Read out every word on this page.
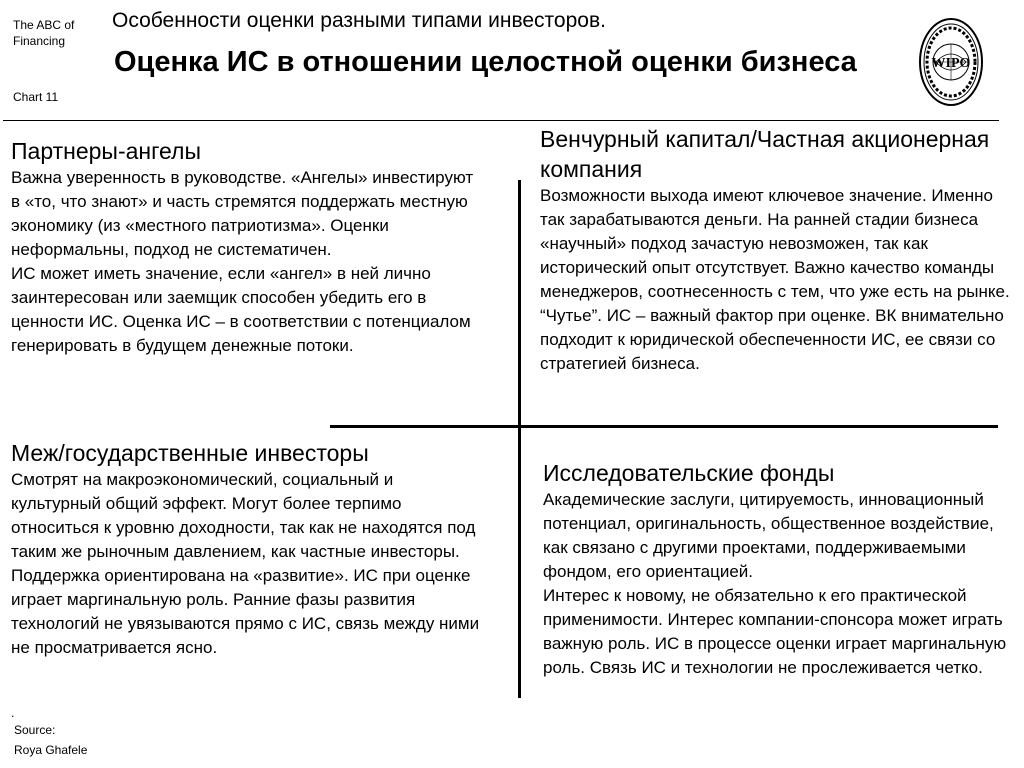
The ABC of Financing
Chart 11
Особенности оценки разными типами инвесторов.
Оценка ИС в отношении целостной оценки бизнеса	WIPO
Партнеры-ангелы

Важна уверенность в руководстве. «Ангелы» инвестируют в «то, что знают» и часть стремятся поддержать местную экономику (из «местного патриотизма». Оценки неформальны, подход не систематичен.
ИС может иметь значение, если «ангел» в ней лично заинтересован или заемщик способен убедить его в ценности ИС. Оценка ИС – в соответствии с потенциалом генерировать в будущем денежные потоки.

Венчурный капитал/Частная акционерная компания

Возможности выхода имеют ключевое значение. Именно так зарабатываются деньги. На ранней стадии бизнеса «научный» подход зачастую невозможен, так как исторический опыт отсутствует. Важно качество команды менеджеров, соотнесенность с тем, что уже есть на рынке. “Чутье”. ИС – важный фактор при оценке. ВК внимательно подходит к юридической обеспеченности ИС, ее связи со стратегией бизнеса.

Меж/государственные инвесторы

Смотрят на макроэкономический, социальный и культурный общий эффект. Могут более терпимо относиться к уровню доходности, так как не находятся под таким же рыночным давлением, как частные инвесторы. Поддержка ориентирована на «развитие». ИС при оценке играет маргинальную роль. Ранние фазы развития технологий не увязываются прямо с ИС, связь между ними не просматривается ясно.

Исследовательские фонды

Академические заслуги, цитируемость, инновационный потенциал, оригинальность, общественное воздействие, как связано с другими проектами, поддерживаемыми фондом, его ориентацией.
Интерес к новому, не обязательно к его практической применимости. Интерес компании-спонсора может играть важную роль. ИС в процессе оценки играет маргинальную роль. Связь ИС и технологии не прослеживается четко.

.
Source:
Roya Ghafele
